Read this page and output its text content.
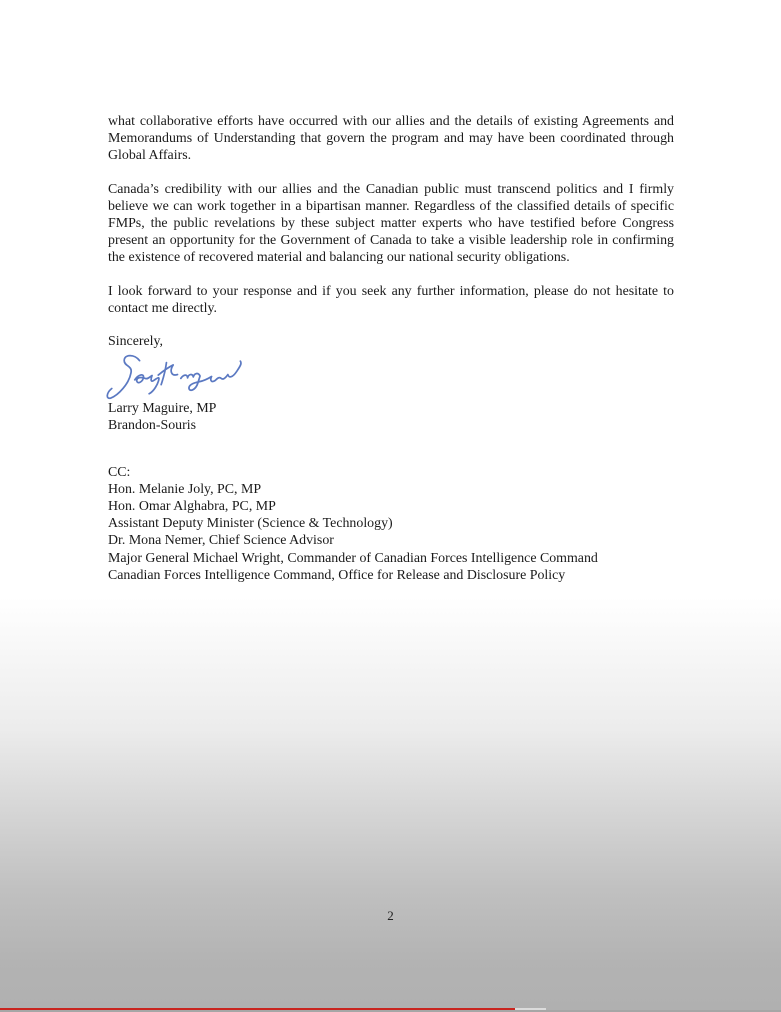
what collaborative efforts have occurred with our allies and the details of existing Agreements and Memorandums of Understanding that govern the program and may have been coordinated through Global Affairs.

Canada’s credibility with our allies and the Canadian public must transcend politics and I firmly believe we can work together in a bipartisan manner. Regardless of the classified details of specific FMPs, the public revelations by these subject matter experts who have testified before Congress present an opportunity for the Government of Canada to take a visible leadership role in confirming the existence of recovered material and balancing our national security obligations.

I look forward to your response and if you seek any further information, please do not hesitate to contact me directly.

Sincerely,

Larry Maguire, MP

Brandon-Souris

CC:

Hon. Melanie Joly, PC, MP

Hon. Omar Alghabra, PC, MP

Assistant Deputy Minister (Science & Technology)

Dr. Mona Nemer, Chief Science Advisor

Major General Michael Wright, Commander of Canadian Forces Intelligence Command

Canadian Forces Intelligence Command, Office for Release and Disclosure Policy

2
